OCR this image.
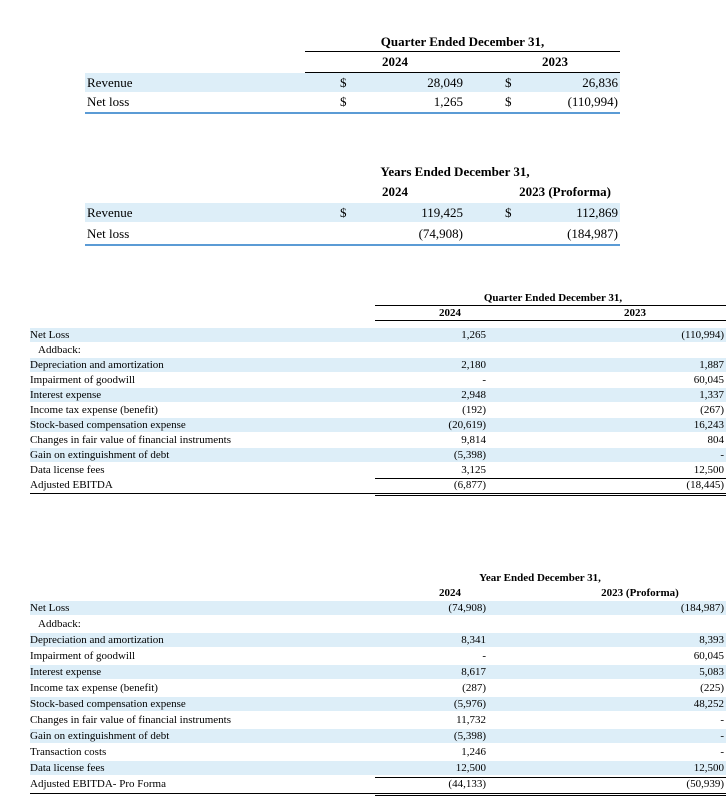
Quarter Ended December 31,
2024	2023
Revenue	$	28,049	$	26,836
Net loss	$	1,265	$	(110,994)
Years Ended December 31,
2024	2023 (Proforma)
Revenue	$	119,425	$	112,869
Net loss	(74,908)	(184,987)
Quarter Ended December 31,
2024	2023
Net Loss	1,265	(110,994)
Addback:
Depreciation and amortization	2,180	1,887
Impairment of goodwill	-	60,045
Interest expense	2,948	1,337
Income tax expense (benefit)	(192)	(267)
Stock-based compensation expense	(20,619)	16,243
Changes in fair value of financial instruments	9,814	804
Gain on extinguishment of debt	(5,398)	-
Data license fees	3,125	12,500
Adjusted EBITDA	(6,877)	(18,445)
Year Ended December 31,
2024	2023 (Proforma)
Net Loss	(74,908)	(184,987)
Addback:
Depreciation and amortization	8,341	8,393
Impairment of goodwill	-	60,045
Interest expense	8,617	5,083
Income tax expense (benefit)	(287)	(225)
Stock-based compensation expense	(5,976)	48,252
Changes in fair value of financial instruments	11,732	-
Gain on extinguishment of debt	(5,398)	-
Transaction costs	1,246	-
Data license fees	12,500	12,500
Adjusted EBITDA- Pro Forma	(44,133)	(50,939)
